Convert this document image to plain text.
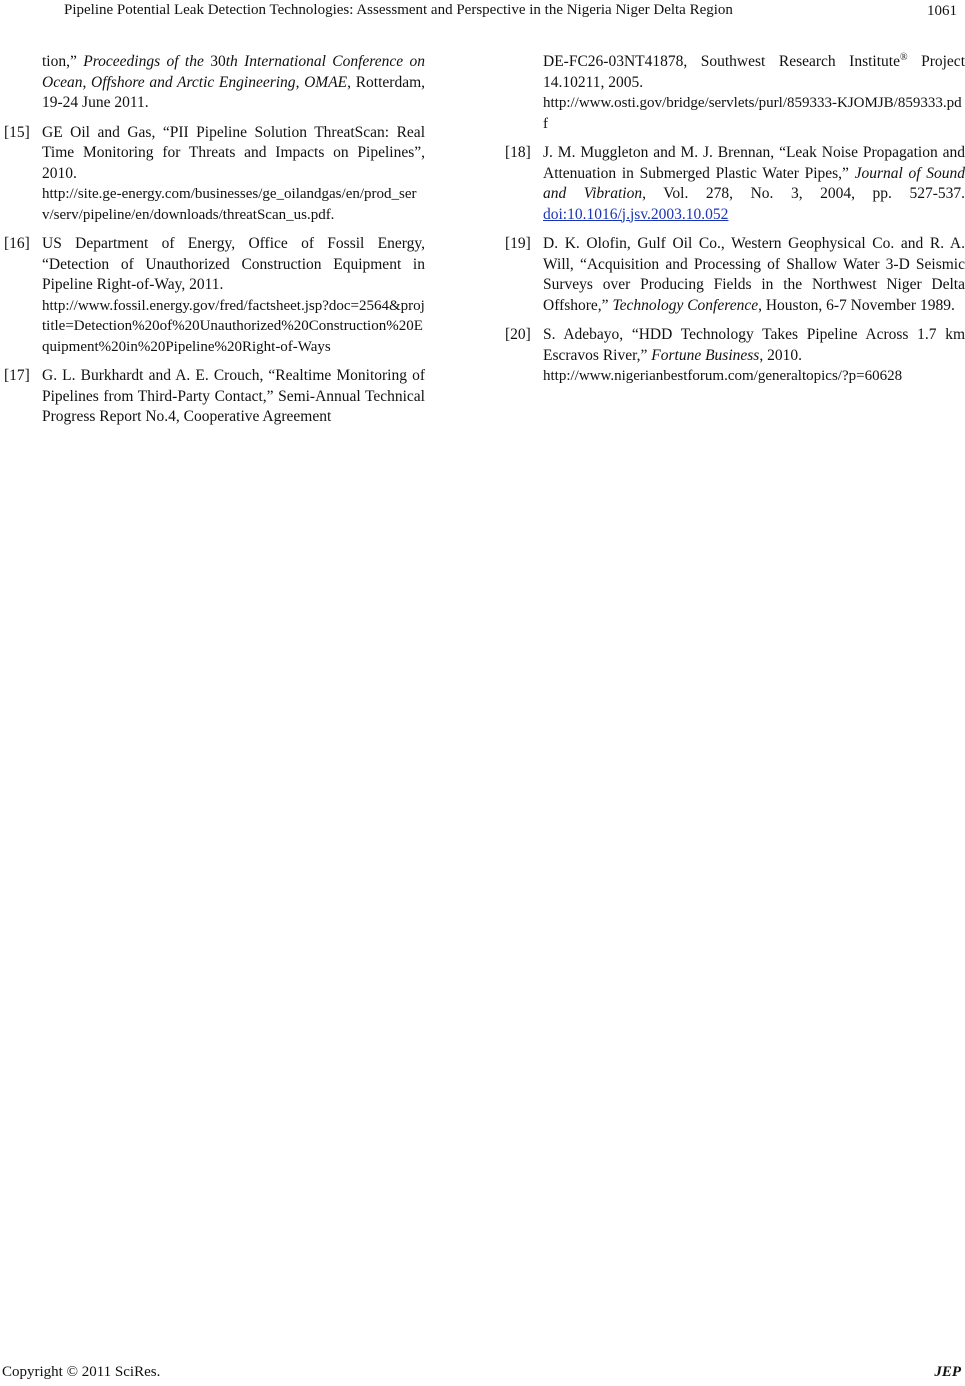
Pipeline Potential Leak Detection Technologies: Assessment and Perspective in the Nigeria Niger Delta Region	1061
tion,” Proceedings of the 30th International Conference on Ocean, Offshore and Arctic Engineering, OMAE, Rotterdam, 19-24 June 2011.
[15] GE Oil and Gas, “PII Pipeline Solution ThreatScan: Real Time Monitoring for Threats and Impacts on Pipelines”, 2010.
http://site.ge-energy.com/businesses/ge_oilandgas/en/prod_serv/serv/pipeline/en/downloads/threatScan_us.pdf.
[16] US Department of Energy, Office of Fossil Energy, “Detection of Unauthorized Construction Equipment in Pipeline Right-of-Way, 2011.
http://www.fossil.energy.gov/fred/factsheet.jsp?doc=2564&projtitle=Detection%20of%20Unauthorized%20Construction%20Equipment%20in%20Pipeline%20Right-of-Ways
[17] G. L. Burkhardt and A. E. Crouch, “Realtime Monitoring of Pipelines from Third-Party Contact,” Semi-Annual Technical Progress Report No.4, Cooperative Agreement
DE-FC26-03NT41878, Southwest Research Institute® Project 14.10211, 2005.
http://www.osti.gov/bridge/servlets/purl/859333-KJOMJB/859333.pdf
[18] J. M. Muggleton and M. J. Brennan, “Leak Noise Propagation and Attenuation in Submerged Plastic Water Pipes,” Journal of Sound and Vibration, Vol. 278, No. 3, 2004, pp. 527-537. doi:10.1016/j.jsv.2003.10.052
[19] D. K. Olofin, Gulf Oil Co., Western Geophysical Co. and R. A. Will, “Acquisition and Processing of Shallow Water 3-D Seismic Surveys over Producing Fields in the Northwest Niger Delta Offshore,” Technology Conference, Houston, 6-7 November 1989.
[20] S. Adebayo, “HDD Technology Takes Pipeline Across 1.7 km Escravos River,” Fortune Business, 2010.
http://www.nigerianbestforum.com/generaltopics/?p=60628
Copyright © 2011 SciRes.	JEP
